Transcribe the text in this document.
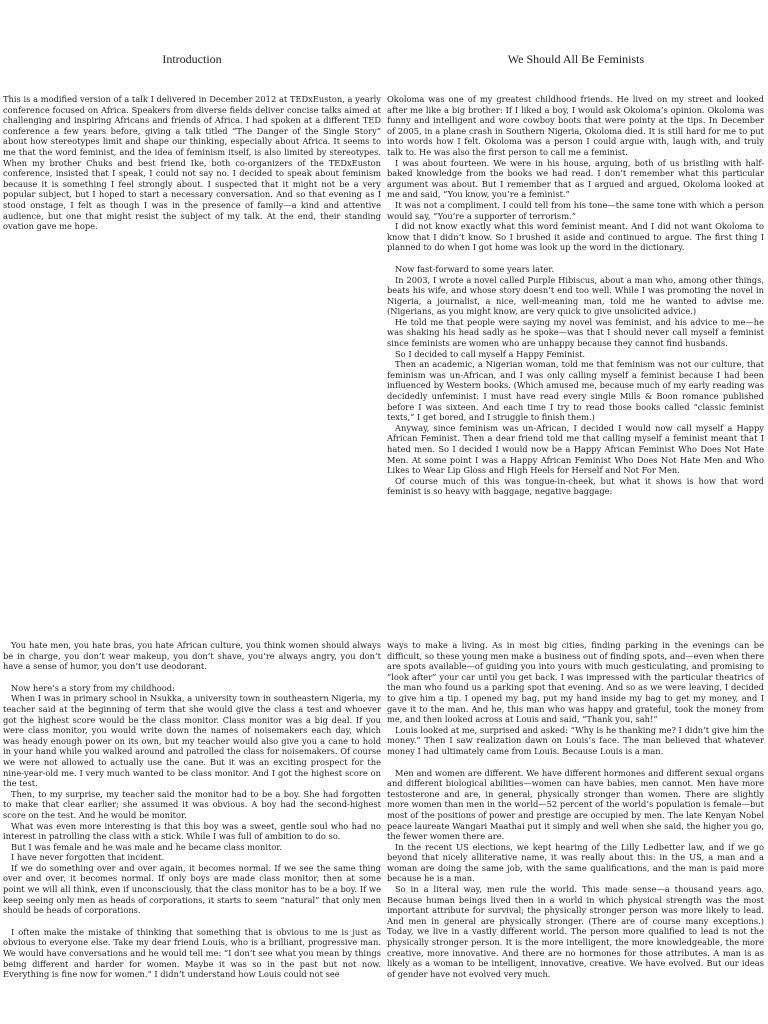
Introduction	We Should All Be Feminists

This is a modified version of a talk I delivered in December 2012 at TEDxEuston, a yearly conference focused on Africa. Speakers from diverse fields deliver concise talks aimed at challenging and inspiring Africans and friends of Africa. I had spoken at a different TED conference a few years before, giving a talk titled “The Danger of the Single Story” about how stereotypes limit and shape our thinking, especially about Africa. It seems to me that the word feminist, and the idea of feminism itself, is also limited by stereotypes. When my brother Chuks and best friend Ike, both co-organizers of the TEDxEuston conference, insisted that I speak, I could not say no. I decided to speak about feminism because it is something I feel strongly about. I suspected that it might not be a very popular subject, but I hoped to start a necessary conversation. And so that evening as I stood onstage, I felt as though I was in the presence of family—a kind and attentive audience, but one that might resist the subject of my talk. At the end, their standing ovation gave me hope.

Okoloma was one of my greatest childhood friends. He lived on my street and looked after me like a big brother: If I liked a boy, I would ask Okoloma’s opinion. Okoloma was funny and intelligent and wore cowboy boots that were pointy at the tips. In December of 2005, in a plane crash in Southern Nigeria, Okoloma died. It is still hard for me to put into words how I felt. Okoloma was a person I could argue with, laugh with, and truly talk to. He was also the first person to call me a feminist.

I was about fourteen. We were in his house, arguing, both of us bristling with half-baked knowledge from the books we had read. I don’t remember what this particular argument was about. But I remember that as I argued and argued, Okoloma looked at me and said, “You know, you’re a feminist.”

It was not a compliment. I could tell from his tone—the same tone with which a person would say, “You’re a supporter of terrorism.”

I did not know exactly what this word feminist meant. And I did not want Okoloma to know that I didn’t know. So I brushed it aside and continued to argue. The first thing I planned to do when I got home was look up the word in the dictionary.

Now fast-forward to some years later.

In 2003, I wrote a novel called Purple Hibiscus, about a man who, among other things, beats his wife, and whose story doesn’t end too well. While I was promoting the novel in Nigeria, a journalist, a nice, well-meaning man, told me he wanted to advise me. (Nigerians, as you might know, are very quick to give unsolicited advice.)

He told me that people were saying my novel was feminist, and his advice to me—he was shaking his head sadly as he spoke—was that I should never call myself a feminist since feminists are women who are unhappy because they cannot find husbands.

So I decided to call myself a Happy Feminist.

Then an academic, a Nigerian woman, told me that feminism was not our culture, that feminism was un-African, and I was only calling myself a feminist because I had been influenced by Western books. (Which amused me, because much of my early reading was decidedly unfeminist: I must have read every single Mills & Boon romance published before I was sixteen. And each time I try to read those books called “classic feminist texts,” I get bored, and I struggle to finish them.)

Anyway, since feminism was un-African, I decided I would now call myself a Happy African Feminist. Then a dear friend told me that calling myself a feminist meant that I hated men. So I decided I would now be a Happy African Feminist Who Does Not Hate Men. At some point I was a Happy African Feminist Who Does Not Hate Men and Who Likes to Wear Lip Gloss and High Heels for Herself and Not For Men.

Of course much of this was tongue-in-cheek, but what it shows is how that word feminist is so heavy with baggage, negative baggage:

You hate men, you hate bras, you hate African culture, you think women should always be in charge, you don’t wear makeup, you don’t shave, you’re always angry, you don’t have a sense of humor, you don’t use deodorant.

Now here’s a story from my childhood:

When I was in primary school in Nsukka, a university town in southeastern Nigeria, my teacher said at the beginning of term that she would give the class a test and whoever got the highest score would be the class monitor. Class monitor was a big deal. If you were class monitor, you would write down the names of noisemakers each day, which was heady enough power on its own, but my teacher would also give you a cane to hold in your hand while you walked around and patrolled the class for noisemakers. Of course we were not allowed to actually use the cane. But it was an exciting prospect for the nine-year-old me. I very much wanted to be class monitor. And I got the highest score on the test.

Then, to my surprise, my teacher said the monitor had to be a boy. She had forgotten to make that clear earlier; she assumed it was obvious. A boy had the second-highest score on the test. And he would be monitor.

What was even more interesting is that this boy was a sweet, gentle soul who had no interest in patrolling the class with a stick. While I was full of ambition to do so.

But I was female and he was male and he became class monitor.

I have never forgotten that incident.

If we do something over and over again, it becomes normal. If we see the same thing over and over, it becomes normal. If only boys are made class monitor, then at some point we will all think, even if unconsciously, that the class monitor has to be a boy. If we keep seeing only men as heads of corporations, it starts to seem “natural” that only men should be heads of corporations.

I often make the mistake of thinking that something that is obvious to me is just as obvious to everyone else. Take my dear friend Louis, who is a brilliant, progressive man. We would have conversations and he would tell me: “I don’t see what you mean by things being different and harder for women. Maybe it was so in the past but not now. Everything is fine now for women.” I didn’t understand how Louis could not see

ways to make a living. As in most big cities, finding parking in the evenings can be difficult, so these young men make a business out of finding spots, and—even when there are spots available—of guiding you into yours with much gesticulating, and promising to “look after” your car until you get back. I was impressed with the particular theatrics of the man who found us a parking spot that evening. And so as we were leaving, I decided to give him a tip. I opened my bag, put my hand inside my bag to get my money, and I gave it to the man. And he, this man who was happy and grateful, took the money from me, and then looked across at Louis and said, “Thank you, sah!”

Louis looked at me, surprised and asked: “Why is he thanking me? I didn’t give him the money.” Then I saw realization dawn on Louis’s face. The man believed that whatever money I had ultimately came from Louis. Because Louis is a man.

Men and women are different. We have different hormones and different sexual organs and different biological abilities—women can have babies, men cannot. Men have more testosterone and are, in general, physically stronger than women. There are slightly more women than men in the world—52 percent of the world’s population is female—but most of the positions of power and prestige are occupied by men. The late Kenyan Nobel peace laureate Wangari Maathai put it simply and well when she said, the higher you go, the fewer women there are.

In the recent US elections, we kept hearing of the Lilly Ledbetter law, and if we go beyond that nicely alliterative name, it was really about this: in the US, a man and a woman are doing the same job, with the same qualifications, and the man is paid more because he is a man.

So in a literal way, men rule the world. This made sense—a thousand years ago. Because human beings lived then in a world in which physical strength was the most important attribute for survival; the physically stronger person was more likely to lead. And men in general are physically stronger. (There are of course many exceptions.) Today, we live in a vastly different world. The person more qualified to lead is not the physically stronger person. It is the more intelligent, the more knowledgeable, the more creative, more innovative. And there are no hormones for those attributes. A man is as likely as a woman to be intelligent, innovative, creative. We have evolved. But our ideas of gender have not evolved very much.
